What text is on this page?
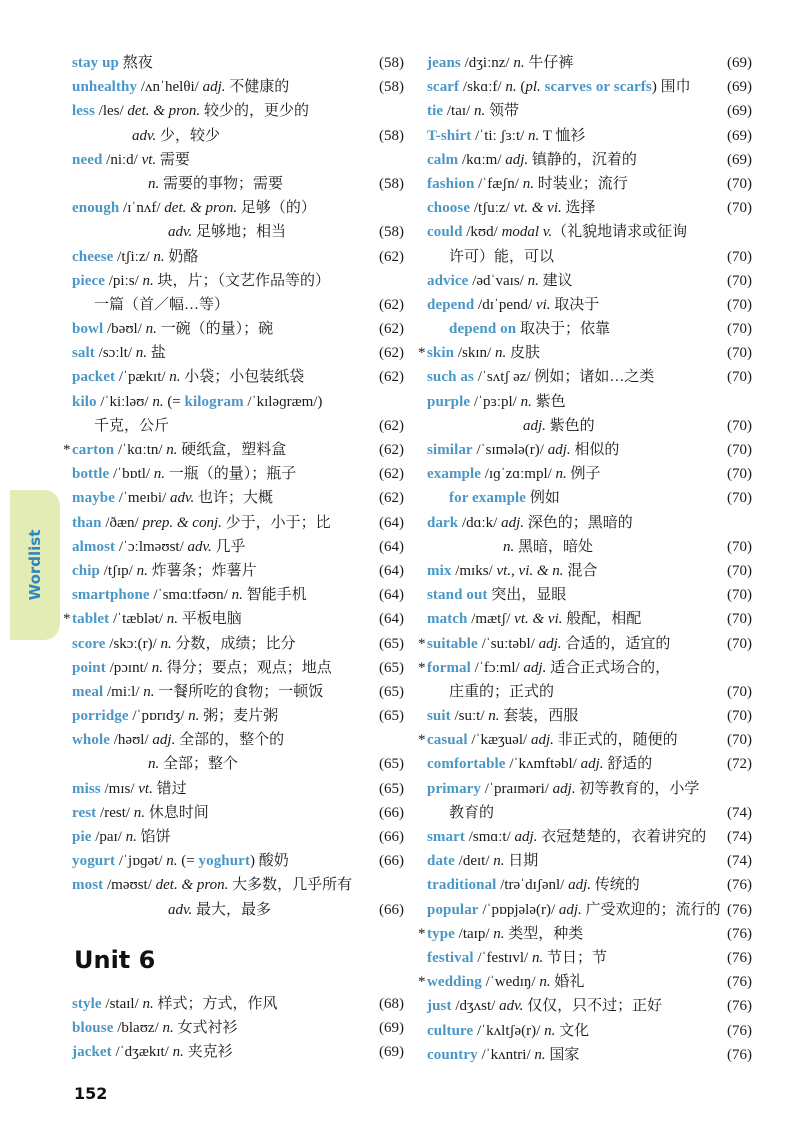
Wordlist
stay up 熬夜	(58)
unhealthy /ʌnˈhelθi/ adj. 不健康的	(58)
less /les/ det. & pron. 较少的，更少的
adv. 少，较少	(58)
need /niːd/ vt. 需要
n. 需要的事物；需要	(58)
enough /ɪˈnʌf/ det. & pron. 足够（的）
adv. 足够地；相当	(58)
cheese /tʃiːz/ n. 奶酪	(62)
piece /piːs/ n. 块，片；（文艺作品等的）
一篇（首／幅…等）	(62)
bowl /bəʊl/ n. 一碗（的量）；碗	(62)
salt /sɔːlt/ n. 盐	(62)
packet /ˈpækɪt/ n. 小袋；小包装纸袋	(62)
kilo /ˈkiːləʊ/ n. (= kilogram /ˈkɪləɡræm/)
千克，公斤	(62)
* carton /ˈkɑːtn/ n. 硬纸盒，塑料盒	(62)
bottle /ˈbɒtl/ n. 一瓶（的量）；瓶子	(62)
maybe /ˈmeɪbi/ adv. 也许；大概	(62)
than /ðæn/ prep. & conj. 少于，小于；比	(64)
almost /ˈɔːlməʊst/ adv. 几乎	(64)
chip /tʃɪp/ n. 炸薯条；炸薯片	(64)
smartphone /ˈsmɑːtfəʊn/ n. 智能手机	(64)
* tablet /ˈtæblət/ n. 平板电脑	(64)
score /skɔː(r)/ n. 分数，成绩；比分	(65)
point /pɔɪnt/ n. 得分；要点；观点；地点	(65)
meal /miːl/ n. 一餐所吃的食物；一顿饭	(65)
porridge /ˈpɒrɪdʒ/ n. 粥；麦片粥	(65)
whole /həʊl/ adj. 全部的，整个的
n. 全部；整个	(65)
miss /mɪs/ vt. 错过	(65)
rest /rest/ n. 休息时间	(66)
pie /paɪ/ n. 馅饼	(66)
yogurt /ˈjɒɡət/ n. (= yoghurt) 酸奶	(66)
most /məʊst/ det. & pron. 大多数，几乎所有
adv. 最大，最多	(66)
Unit 6
style /staɪl/ n. 样式；方式，作风	(68)
blouse /blaʊz/ n. 女式衬衫	(69)
jacket /ˈdʒækɪt/ n. 夹克衫	(69)
jeans /dʒiːnz/ n. 牛仔裤	(69)
scarf /skɑːf/ n. (pl. scarves or scarfs) 围巾 (69)
tie /taɪ/ n. 领带	(69)
T-shirt /ˈtiː ʃɜːt/ n. T 恤衫	(69)
calm /kɑːm/ adj. 镇静的，沉着的	(69)
fashion /ˈfæʃn/ n. 时装业；流行	(70)
choose /tʃuːz/ vt. & vi. 选择	(70)
could /kʊd/ modal v.（礼貌地请求或征询
许可）能，可以	(70)
advice /ədˈvaɪs/ n. 建议	(70)
depend /dɪˈpend/ vi. 取决于	(70)
depend on 取决于；依靠	(70)
* skin /skɪn/ n. 皮肤	(70)
such as /ˈsʌtʃ əz/ 例如；诸如…之类	(70)
purple /ˈpɜːpl/ n. 紫色
adj. 紫色的	(70)
similar /ˈsɪmələ(r)/ adj. 相似的	(70)
example /ɪɡˈzɑːmpl/ n. 例子	(70)
for example 例如	(70)
dark /dɑːk/ adj. 深色的；黑暗的
n. 黑暗，暗处	(70)
mix /mɪks/ vt., vi. & n. 混合	(70)
stand out 突出，显眼	(70)
match /mætʃ/ vt. & vi. 般配，相配	(70)
* suitable /ˈsuːtəbl/ adj. 合适的，适宜的	(70)
* formal /ˈfɔːml/ adj. 适合正式场合的，
庄重的；正式的	(70)
suit /suːt/ n. 套装，西服	(70)
* casual /ˈkæʒuəl/ adj. 非正式的，随便的	(70)
comfortable /ˈkʌmftəbl/ adj. 舒适的	(72)
primary /ˈpraɪməri/ adj. 初等教育的，小学
教育的	(74)
smart /smɑːt/ adj. 衣冠楚楚的，衣着讲究的 (74)
date /deɪt/ n. 日期	(74)
traditional /trəˈdɪʃənl/ adj. 传统的	(76)
popular /ˈpɒpjələ(r)/ adj. 广受欢迎的；流行的 (76)
* type /taɪp/ n. 类型，种类	(76)
festival /ˈfestɪvl/ n. 节日；节	(76)
* wedding /ˈwedɪŋ/ n. 婚礼	(76)
just /dʒʌst/ adv. 仅仅，只不过；正好	(76)
culture /ˈkʌltʃə(r)/ n. 文化	(76)
country /ˈkʌntri/ n. 国家	(76)
152
